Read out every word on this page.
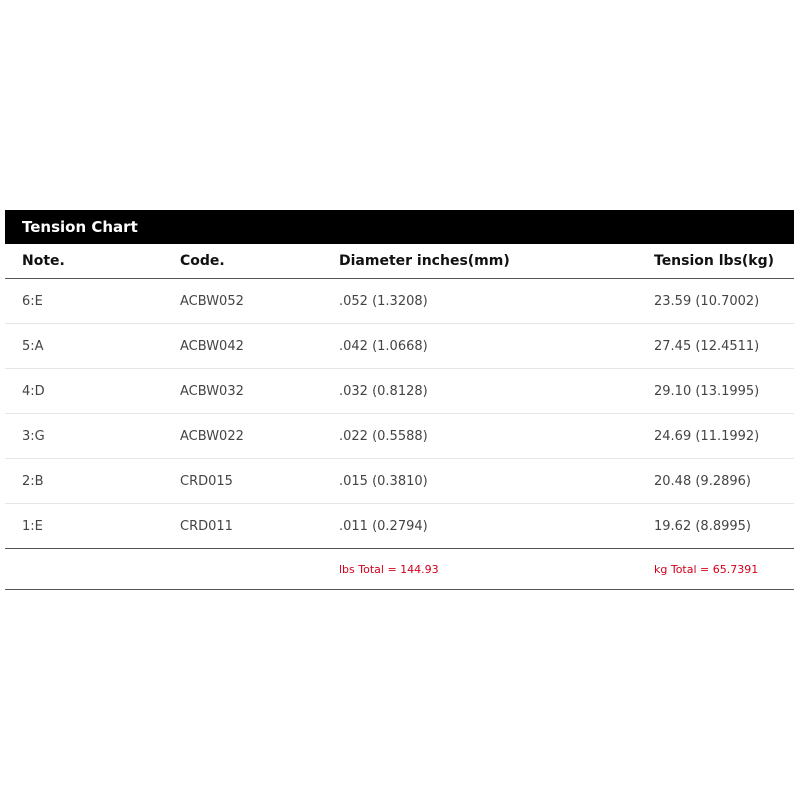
Tension Chart
Note.	Code.	Diameter inches(mm)	Tension lbs(kg)
6:E	ACBW052	.052 (1.3208)	23.59 (10.7002)
5:A	ACBW042	.042 (1.0668)	27.45 (12.4511)
4:D	ACBW032	.032 (0.8128)	29.10 (13.1995)
3:G	ACBW022	.022 (0.5588)	24.69 (11.1992)
2:B	CRD015	.015 (0.3810)	20.48 (9.2896)
1:E	CRD011	.011 (0.2794)	19.62 (8.8995)
		lbs Total = 144.93	kg Total = 65.7391
